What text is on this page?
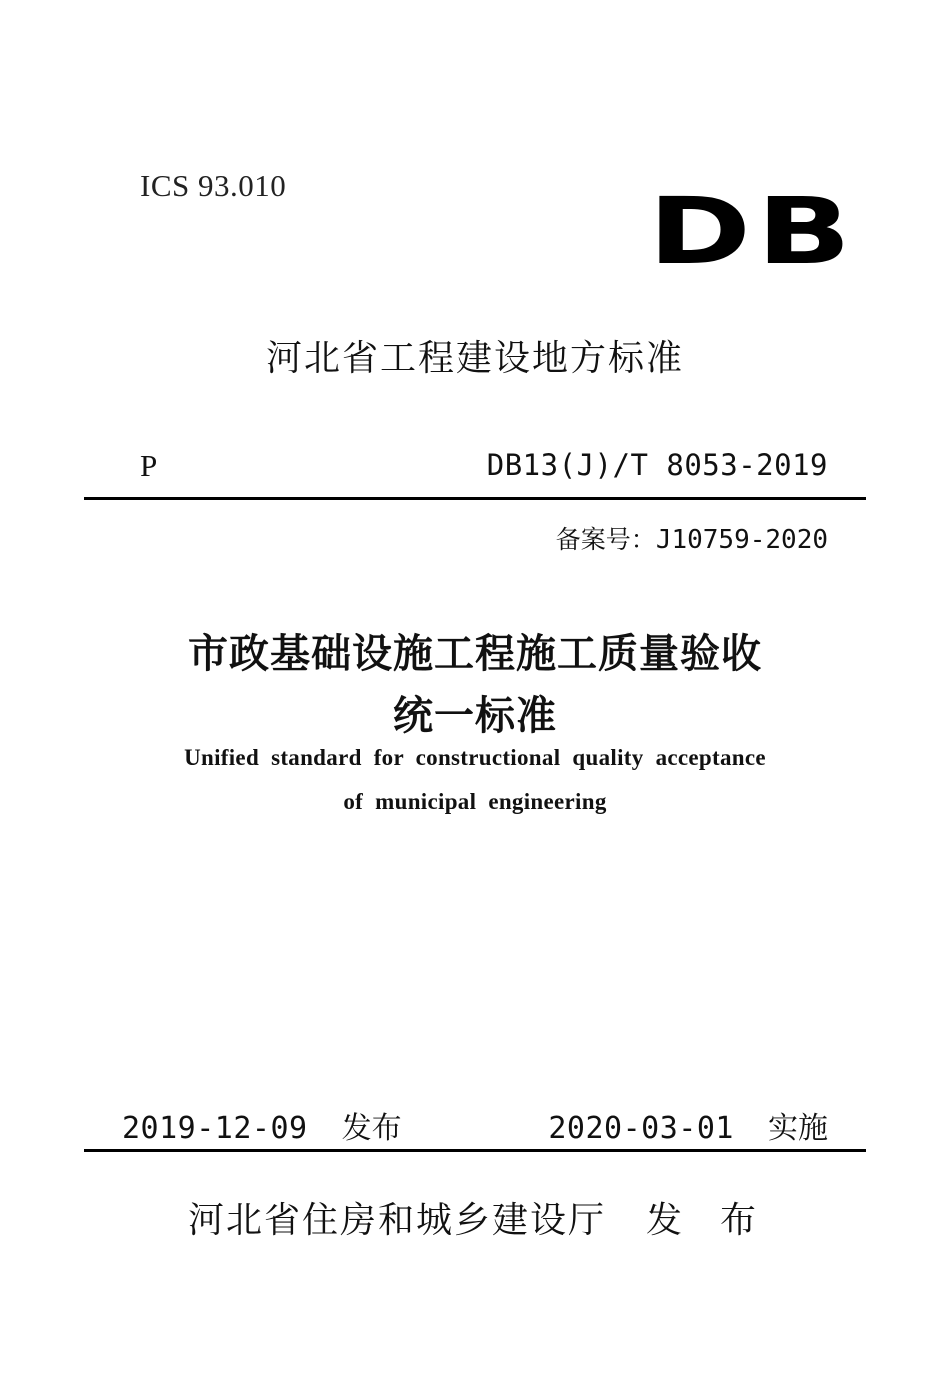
ICS 93.010	DB
河北省工程建设地方标准
P	DB13(J)/T 8053-2019
备案号：J10759-2020
市政基础设施工程施工质量验收
统一标准
Unified standard for constructional quality acceptance
of municipal engineering
2019-12-09 发布	2020-03-01 实施
河北省住房和城乡建设厅 发布
